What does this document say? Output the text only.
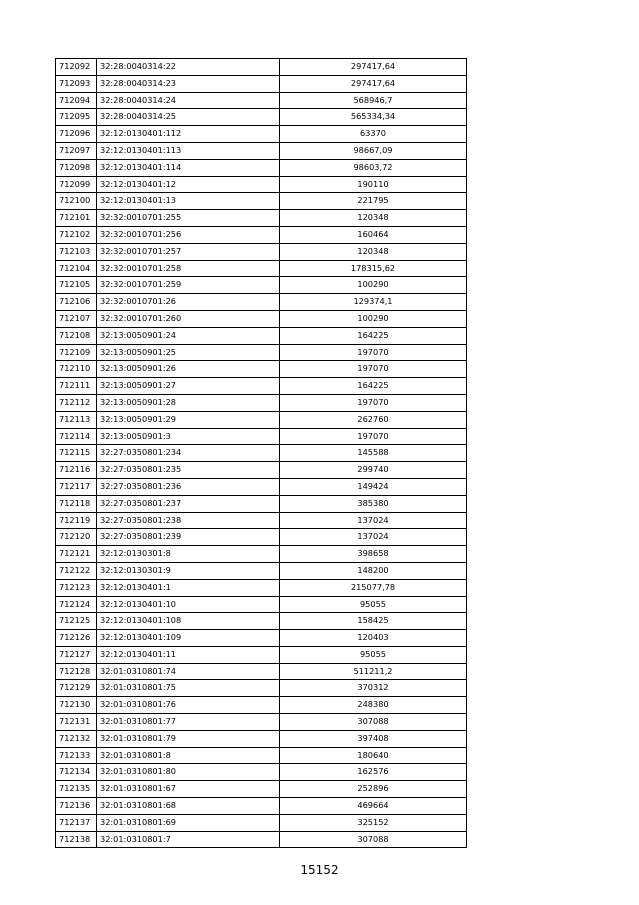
712092	32:28:0040314:22	297417,64
712093	32:28:0040314:23	297417,64
712094	32:28:0040314:24	568946,7
712095	32:28:0040314:25	565334,34
712096	32:12:0130401:112	63370
712097	32:12:0130401:113	98667,09
712098	32:12:0130401:114	98603,72
712099	32:12:0130401:12	190110
712100	32:12:0130401:13	221795
712101	32:32:0010701:255	120348
712102	32:32:0010701:256	160464
712103	32:32:0010701:257	120348
712104	32:32:0010701:258	178315,62
712105	32:32:0010701:259	100290
712106	32:32:0010701:26	129374,1
712107	32:32:0010701:260	100290
712108	32:13:0050901:24	164225
712109	32:13:0050901:25	197070
712110	32:13:0050901:26	197070
712111	32:13:0050901:27	164225
712112	32:13:0050901:28	197070
712113	32:13:0050901:29	262760
712114	32:13:0050901:3	197070
712115	32:27:0350801:234	145588
712116	32:27:0350801:235	299740
712117	32:27:0350801:236	149424
712118	32:27:0350801:237	385380
712119	32:27:0350801:238	137024
712120	32:27:0350801:239	137024
712121	32:12:0130301:8	398658
712122	32:12:0130301:9	148200
712123	32:12:0130401:1	215077,78
712124	32:12:0130401:10	95055
712125	32:12:0130401:108	158425
712126	32:12:0130401:109	120403
712127	32:12:0130401:11	95055
712128	32:01:0310801:74	511211,2
712129	32:01:0310801:75	370312
712130	32:01:0310801:76	248380
712131	32:01:0310801:77	307088
712132	32:01:0310801:79	397408
712133	32:01:0310801:8	180640
712134	32:01:0310801:80	162576
712135	32:01:0310801:67	252896
712136	32:01:0310801:68	469664
712137	32:01:0310801:69	325152
712138	32:01:0310801:7	307088
15152
